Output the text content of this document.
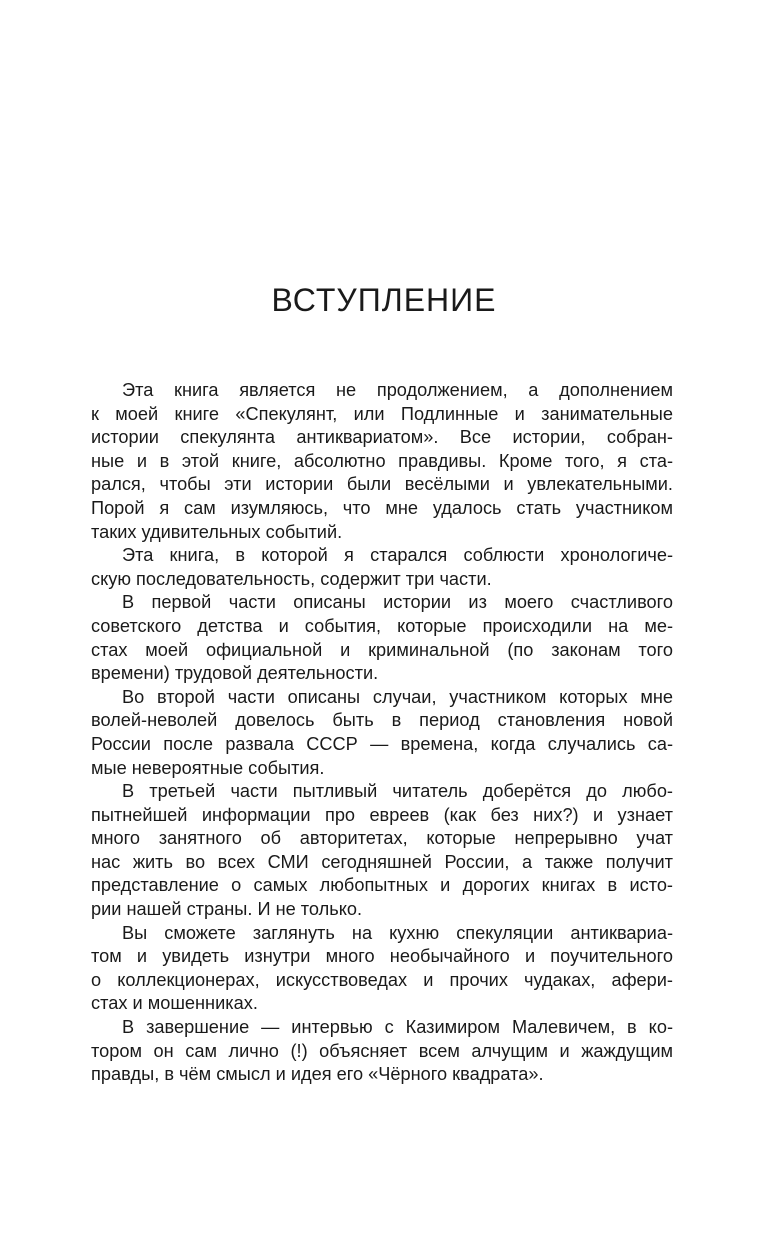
ВСТУПЛЕНИЕ
Эта книга является не продолжением, а дополнением
к моей книге «Спекулянт, или Подлинные и занимательные
истории спекулянта антиквариатом». Все истории, собран-
ные и в этой книге, абсолютно правдивы. Кроме того, я ста-
рался, чтобы эти истории были весёлыми и увлекательными.
Порой я сам изумляюсь, что мне удалось стать участником
таких удивительных событий.
Эта книга, в которой я старался соблюсти хронологиче-
скую последовательность, содержит три части.
В первой части описаны истории из моего счастливого
советского детства и события, которые происходили на ме-
стах моей официальной и криминальной (по законам того
времени) трудовой деятельности.
Во второй части описаны случаи, участником которых мне
волей-неволей довелось быть в период становления новой
России после развала СССР — времена, когда случались са-
мые невероятные события.
В третьей части пытливый читатель доберётся до любо-
пытнейшей информации про евреев (как без них?) и узнает
много занятного об авторитетах, которые непрерывно учат
нас жить во всех СМИ сегодняшней России, а также получит
представление о самых любопытных и дорогих книгах в исто-
рии нашей страны. И не только.
Вы сможете заглянуть на кухню спекуляции антиквариа-
том и увидеть изнутри много необычайного и поучительного
о коллекционерах, искусствоведах и прочих чудаках, афери-
стах и мошенниках.
В завершение — интервью с Казимиром Малевичем, в ко-
тором он сам лично (!) объясняет всем алчущим и жаждущим
правды, в чём смысл и идея его «Чёрного квадрата».
